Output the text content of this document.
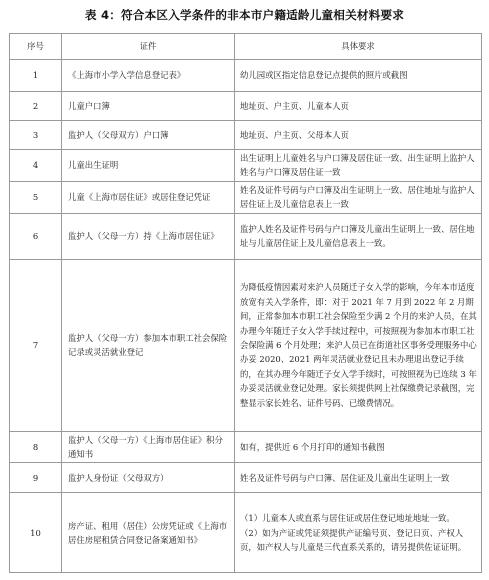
表 4：符合本区入学条件的非本市户籍适龄儿童相关材料要求
序号	证件	具体要求
1	《上海市小学入学信息登记表》	幼儿园或区指定信息登记点提供的照片或截图
2	儿童户口簿	地址页、户主页、儿童本人页
3	监护人（父母双方）户口簿	地址页、户主页、父母本人页
4	儿童出生证明	出生证明上儿童姓名与户口簿及居住证一致、出生证明上监护人姓名与户口簿及居住证一致
5	儿童《上海市居住证》或居住登记凭证	姓名及证件号码与户口簿及出生证明上一致、居住地址与监护人居住证上及儿童信息表上一致
6	监护人（父母一方）持《上海市居住证》	监护人姓名及证件号码与户口簿及儿童出生证明上一致、居住地址与儿童居住证上及儿童信息表上一致。
7	监护人（父母一方）参加本市职工社会保险记录或灵活就业登记	为降低疫情因素对来沪人员随迁子女入学的影响，今年本市适度放宽有关入学条件，即：对于 2021 年 7 月到 2022 年 2 月期间，正常参加本市职工社会保险至少满 2 个月的来沪人员，在其办理今年随迁子女入学手续过程中，可按照视为参加本市职工社会保险满 6 个月处理；来沪人员已在街道社区事务受理服务中心办妥 2020、2021 两年灵活就业登记且未办理退出登记手续的，在其办理今年随迁子女入学手续时，可按照视为已连续 3 年办妥灵活就业登记处理。家长须提供网上社保缴费记录截图，完整显示家长姓名、证件号码、已缴费情况。
8	监护人（父母一方）《上海市居住证》积分通知书	如有，提供近 6 个月打印的通知书截图
9	监护人身份证（父母双方）	姓名及证件号码与户口簿、居住证及儿童出生证明上一致
10	房产证、租用（居住）公房凭证或《上海市居住房屋租赁合同登记备案通知书》	（1）儿童本人或直系与居住证或居住登记地址地址一致。
（2）如为产证或凭证须提供产证编号页、登记日页、产权人页，如产权人与儿童是三代直系关系的，请另提供佐证证明。
